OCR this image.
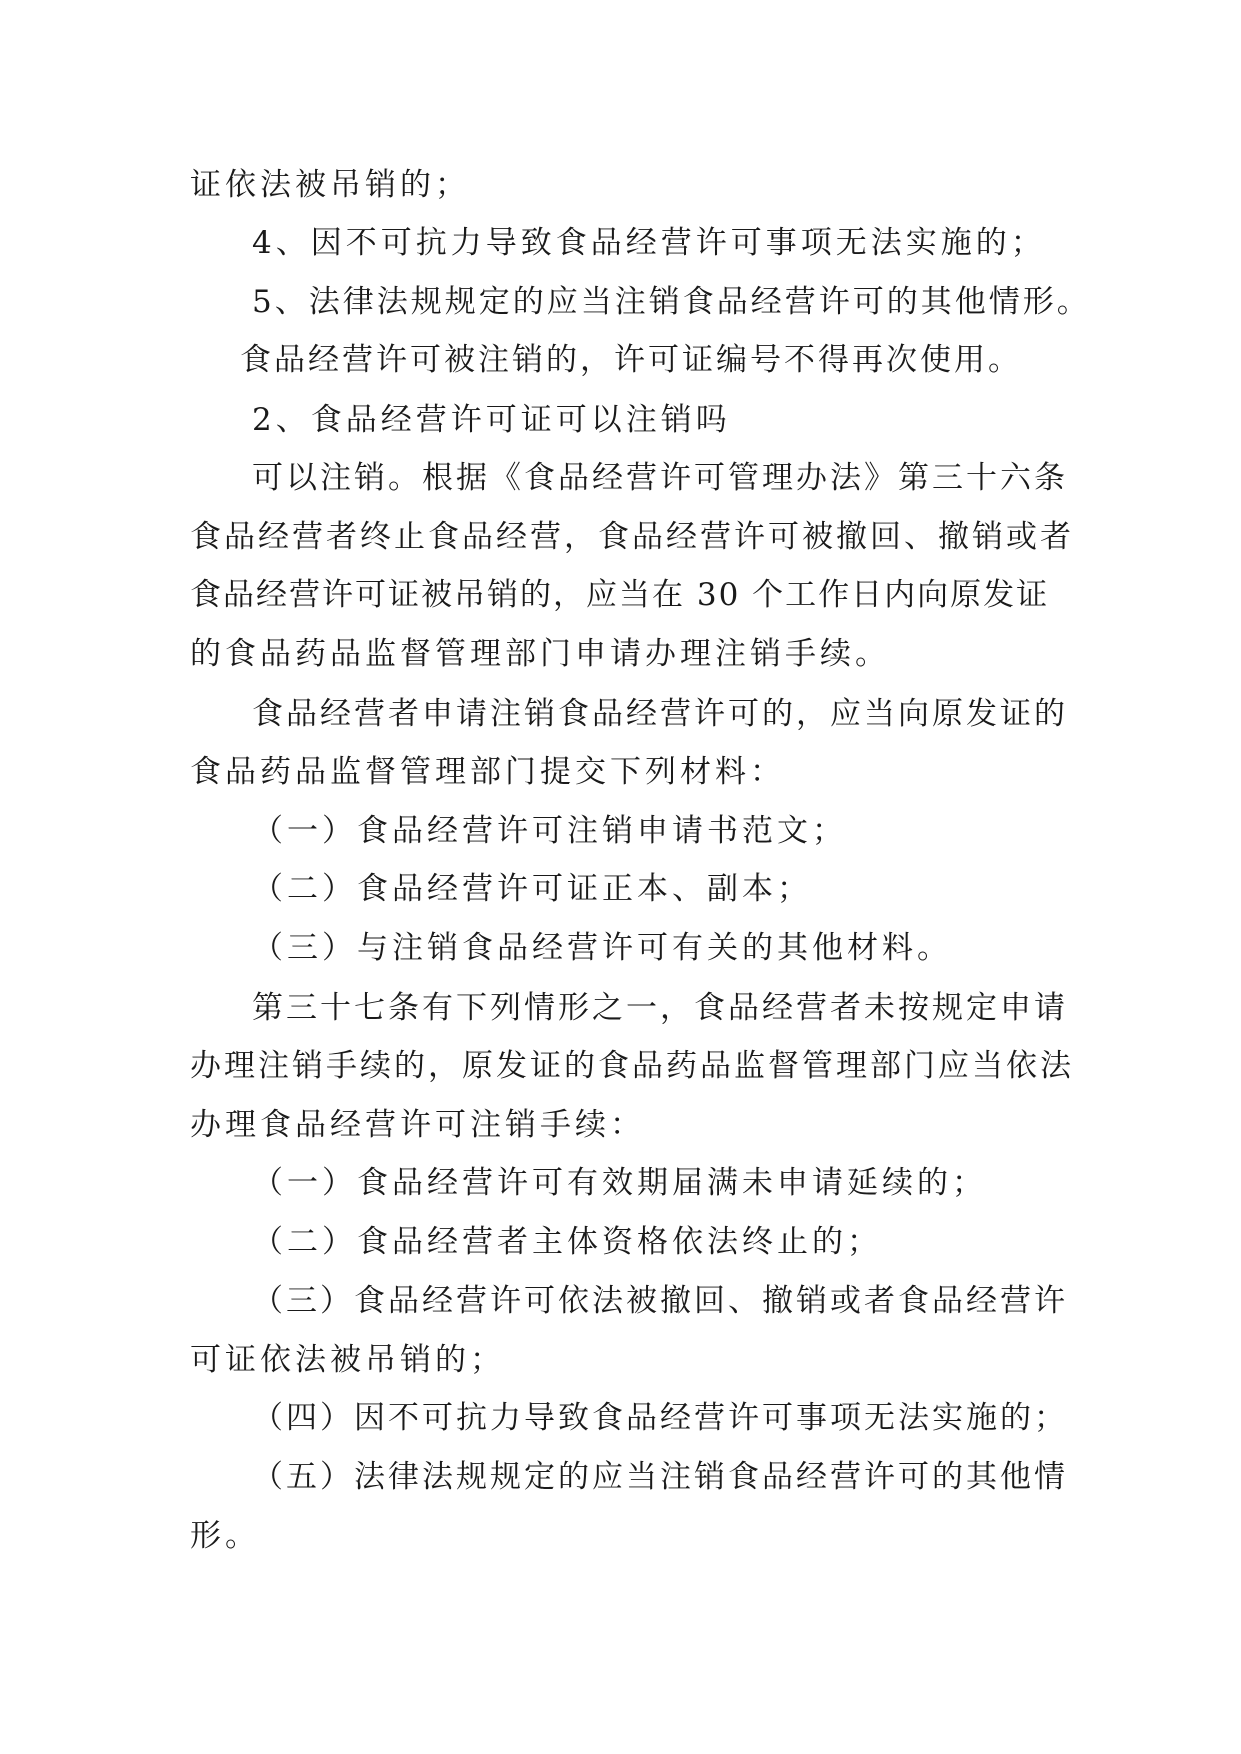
证依法被吊销的；
4、因不可抗力导致食品经营许可事项无法实施的；
5、法律法规规定的应当注销食品经营许可的其他情形。
食品经营许可被注销的，许可证编号不得再次使用。
2、食品经营许可证可以注销吗
可以注销。根据《食品经营许可管理办法》第三十六条
食品经营者终止食品经营，食品经营许可被撤回、撤销或者
食品经营许可证被吊销的，应当在 30 个工作日内向原发证
的食品药品监督管理部门申请办理注销手续。
食品经营者申请注销食品经营许可的，应当向原发证的
食品药品监督管理部门提交下列材料：
（一）食品经营许可注销申请书范文；
（二）食品经营许可证正本、副本；
（三）与注销食品经营许可有关的其他材料。
第三十七条有下列情形之一，食品经营者未按规定申请
办理注销手续的，原发证的食品药品监督管理部门应当依法
办理食品经营许可注销手续：
（一）食品经营许可有效期届满未申请延续的；
（二）食品经营者主体资格依法终止的；
（三）食品经营许可依法被撤回、撤销或者食品经营许
可证依法被吊销的；
（四）因不可抗力导致食品经营许可事项无法实施的；
（五）法律法规规定的应当注销食品经营许可的其他情
形。
